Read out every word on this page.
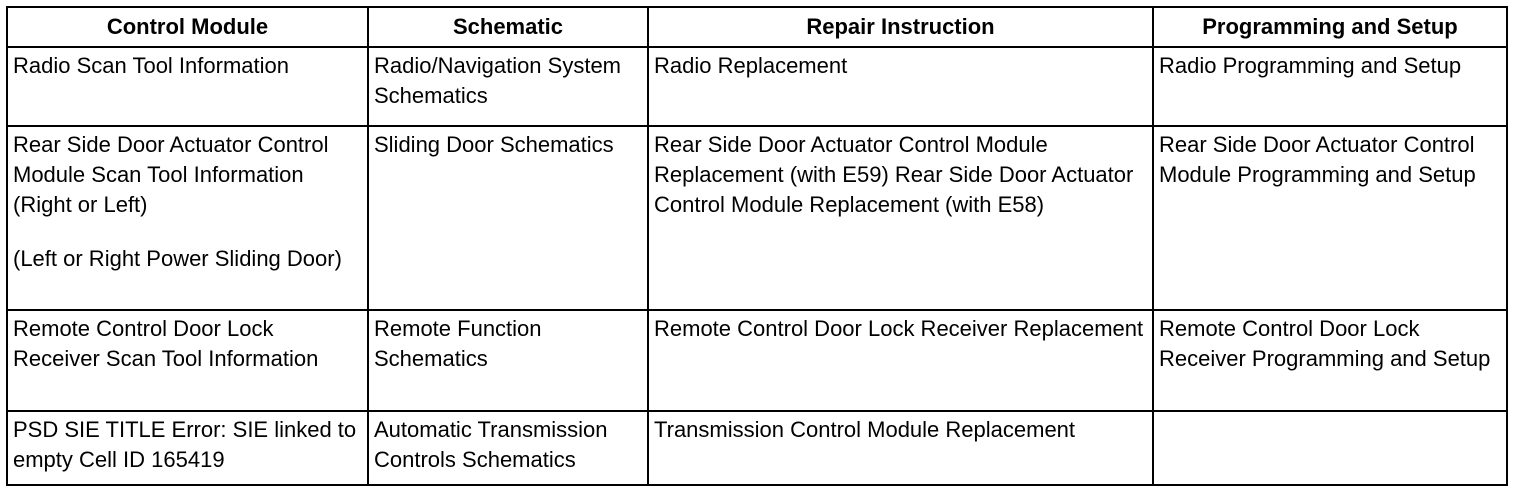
Control Module	Schematic	Repair Instruction	Programming and Setup

Radio Scan Tool Information	Radio/Navigation System Schematics	Radio Replacement	Radio Programming and Setup

Rear Side Door Actuator Control Module Scan Tool Information (Right or Left)
(Left or Right Power Sliding Door)	Sliding Door Schematics	Rear Side Door Actuator Control Module Replacement (with E59) Rear Side Door Actuator Control Module Replacement (with E58)	Rear Side Door Actuator Control Module Programming and Setup

Remote Control Door Lock Receiver Scan Tool Information	Remote Function Schematics	Remote Control Door Lock Receiver Replacement	Remote Control Door Lock Receiver Programming and Setup

PSD SIE TITLE Error: SIE linked to empty Cell ID 165419	Automatic Transmission Controls Schematics	Transmission Control Module Replacement	
